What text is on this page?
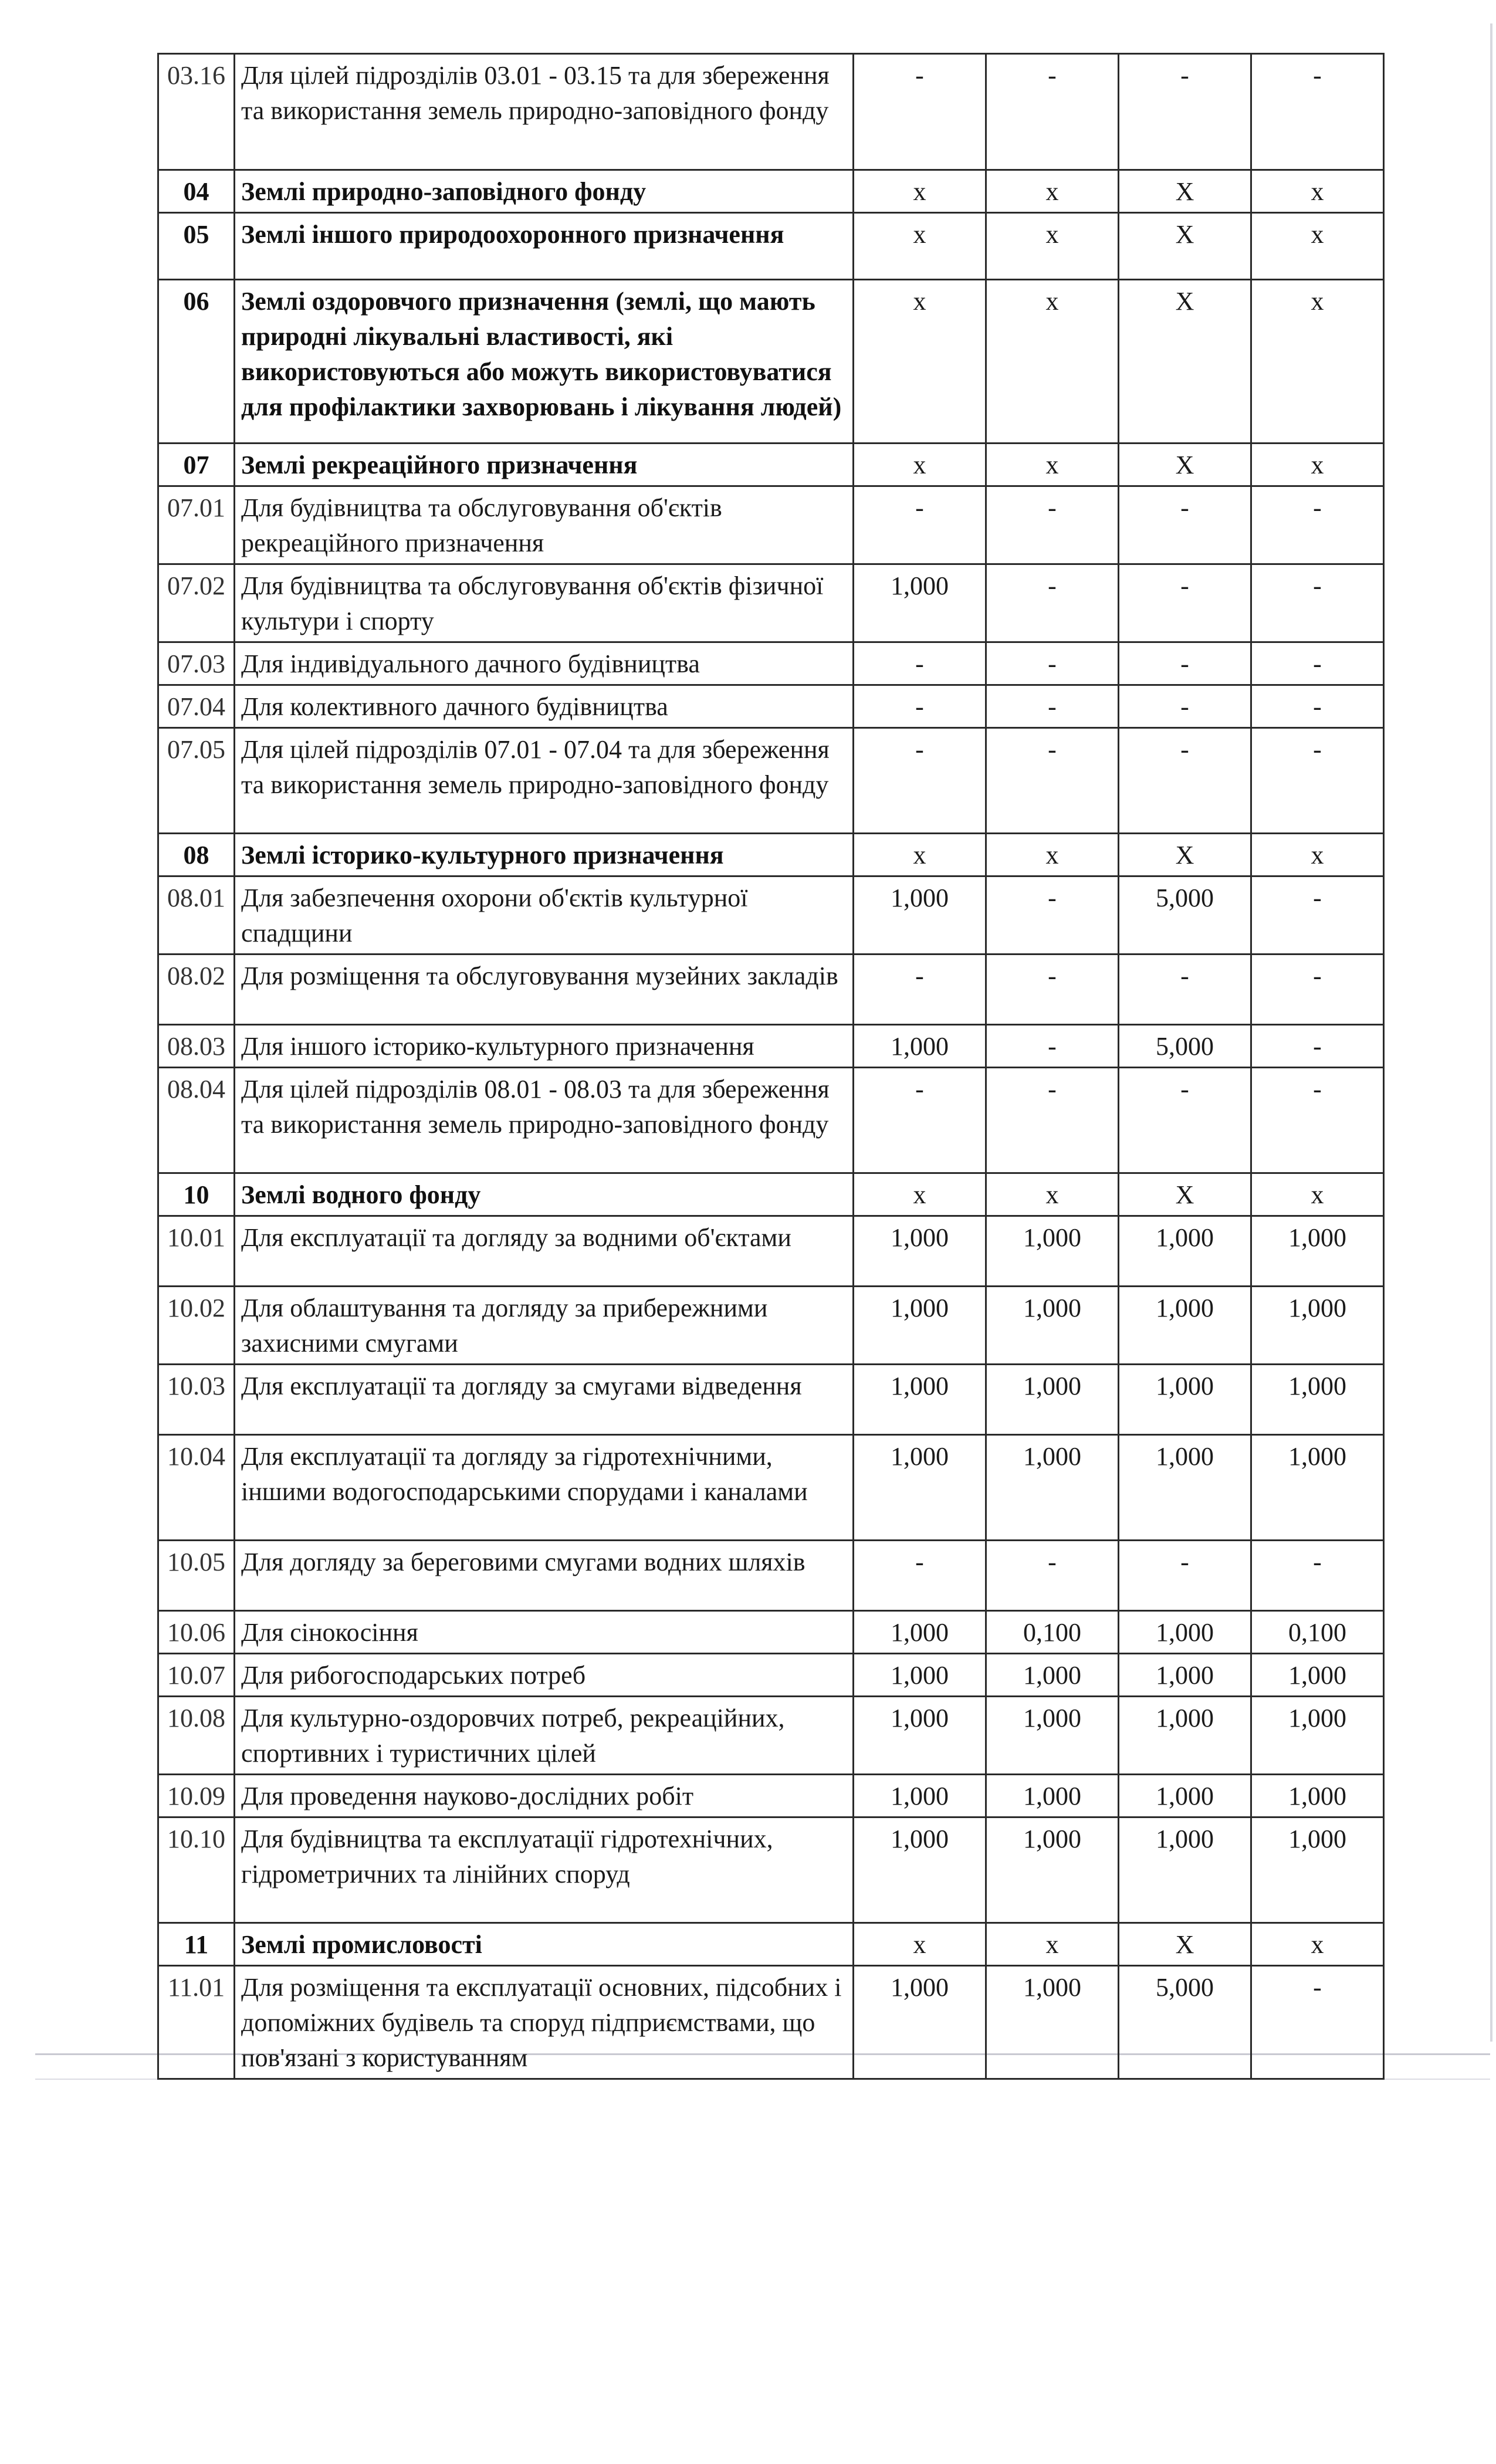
03.16	Для цілей підрозділів 03.01 - 03.15 та для збереження та використання земель природно-заповідного фонду	-	-	-	-
04	Землі природно-заповідного фонду	х	х	Х	х
05	Землі іншого природоохоронного призначення	х	х	Х	х
06	Землі оздоровчого призначення (землі, що мають природні лікувальні властивості, які використовуються або можуть використовуватися для профілактики захворювань і лікування людей)	х	х	Х	х
07	Землі рекреаційного призначення	х	х	Х	х
07.01	Для будівництва та обслуговування об'єктів рекреаційного призначення	-	-	-	-
07.02	Для будівництва та обслуговування об'єктів фізичної культури і спорту	1,000	-	-	-
07.03	Для індивідуального дачного будівництва	-	-	-	-
07.04	Для колективного дачного будівництва	-	-	-	-
07.05	Для цілей підрозділів 07.01 - 07.04 та для збереження та використання земель природно-заповідного фонду	-	-	-	-
08	Землі історико-культурного призначення	х	х	Х	х
08.01	Для забезпечення охорони об'єктів культурної спадщини	1,000	-	5,000	-
08.02	Для розміщення та обслуговування музейних закладів	-	-	-	-
08.03	Для іншого історико-культурного призначення	1,000	-	5,000	-
08.04	Для цілей підрозділів 08.01 - 08.03 та для збереження та використання земель природно-заповідного фонду	-	-	-	-
10	Землі водного фонду	х	х	Х	х
10.01	Для експлуатації та догляду за водними об'єктами	1,000	1,000	1,000	1,000
10.02	Для облаштування та догляду за прибережними захисними смугами	1,000	1,000	1,000	1,000
10.03	Для експлуатації та догляду за смугами відведення	1,000	1,000	1,000	1,000
10.04	Для експлуатації та догляду за гідротехнічними, іншими водогосподарськими спорудами і каналами	1,000	1,000	1,000	1,000
10.05	Для догляду за береговими смугами водних шляхів	-	-	-	-
10.06	Для сінокосіння	1,000	0,100	1,000	0,100
10.07	Для рибогосподарських потреб	1,000	1,000	1,000	1,000
10.08	Для культурно-оздоровчих потреб, рекреаційних, спортивних і туристичних цілей	1,000	1,000	1,000	1,000
10.09	Для проведення науково-дослідних робіт	1,000	1,000	1,000	1,000
10.10	Для будівництва та експлуатації гідротехнічних, гідрометричних та лінійних споруд	1,000	1,000	1,000	1,000
11	Землі промисловості	х	х	Х	х
11.01	Для розміщення та експлуатації основних, підсобних і допоміжних будівель та споруд підприємствами, що пов'язані з користуванням	1,000	1,000	5,000	-
